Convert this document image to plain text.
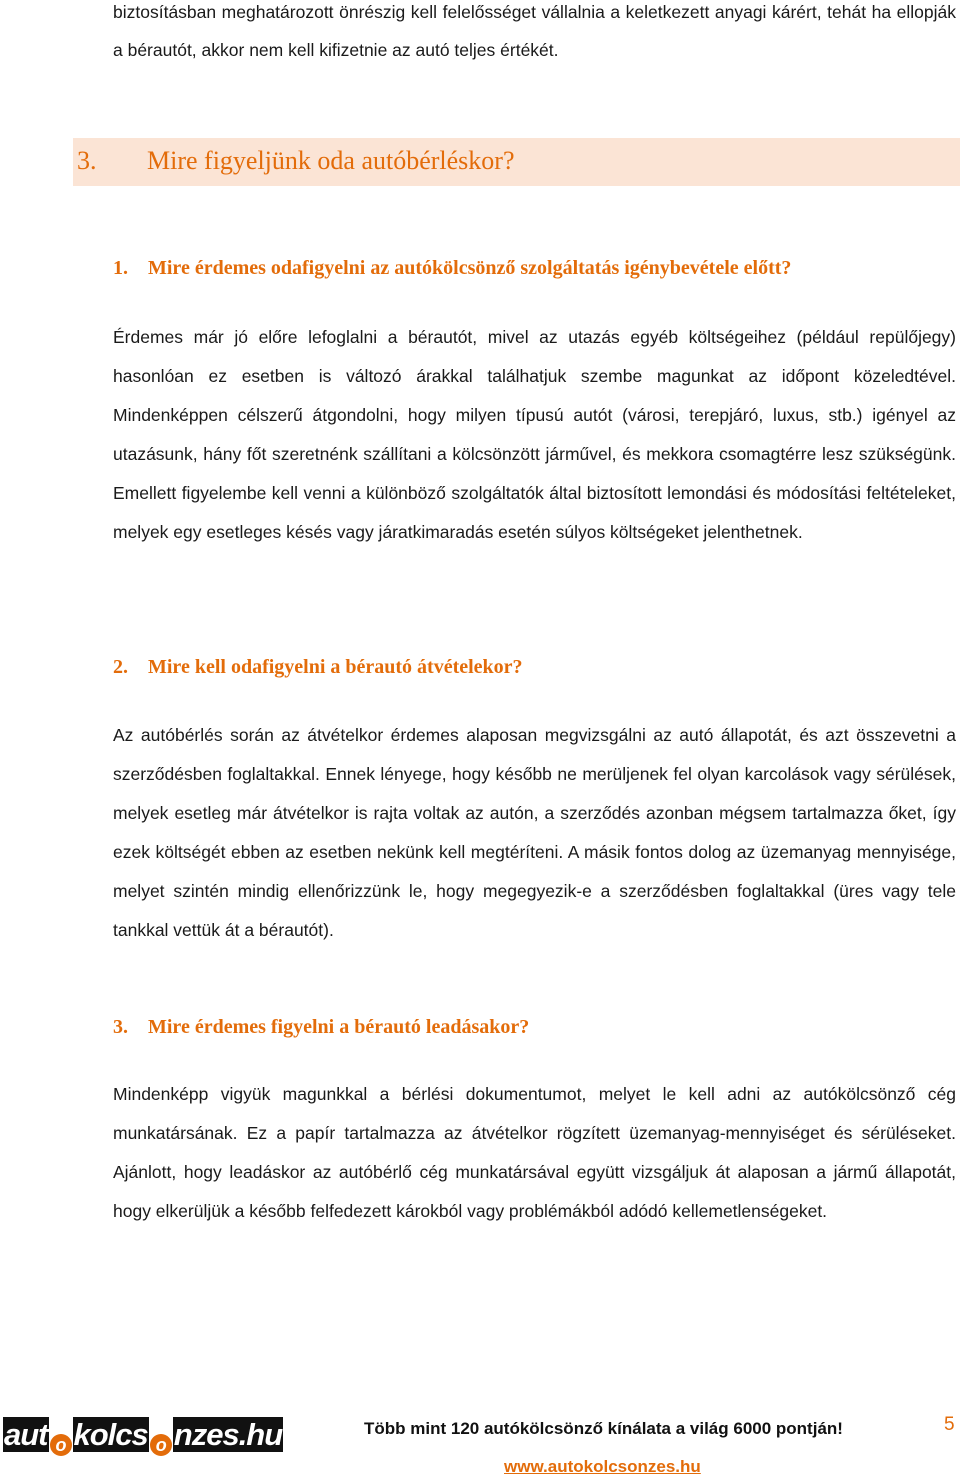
biztosításban meghatározott önrészig kell felelősséget vállalnia a keletkezett anyagi kárért, tehát ha ellopják a bérautót, akkor nem kell kifizetnie az autó teljes értékét.

3. Mire figyeljünk oda autóbérléskor?
1. Mire érdemes odafigyelni az autókölcsönző szolgáltatás igénybevétele előtt?

Érdemes már jó előre lefoglalni a bérautót, mivel az utazás egyéb költségeihez (például repülőjegy) hasonlóan ez esetben is változó árakkal találhatjuk szembe magunkat az időpont közeledtével. Mindenképpen célszerű átgondolni, hogy milyen típusú autót (városi, terepjáró, luxus, stb.) igényel az utazásunk, hány főt szeretnénk szállítani a kölcsönzött járművel, és mekkora csomagtérre lesz szükségünk. Emellett figyelembe kell venni a különböző szolgáltatók által biztosított lemondási és módosítási feltételeket, melyek egy esetleges késés vagy járatkimaradás esetén súlyos költségeket jelenthetnek.

2. Mire kell odafigyelni a bérautó átvételekor?

Az autóbérlés során az átvételkor érdemes alaposan megvizsgálni az autó állapotát, és azt összevetni a szerződésben foglaltakkal. Ennek lényege, hogy később ne merüljenek fel olyan karcolások vagy sérülések, melyek esetleg már átvételkor is rajta voltak az autón, a szerződés azonban mégsem tartalmazza őket, így ezek költségét ebben az esetben nekünk kell megtéríteni. A másik fontos dolog az üzemanyag mennyisége, melyet szintén mindig ellenőrizzünk le, hogy megegyezik-e a szerződésben foglaltakkal (üres vagy tele tankkal vettük át a bérautót).

3. Mire érdemes figyelni a bérautó leadásakor?

Mindenképp vigyük magunkkal a bérlési dokumentumot, melyet le kell adni az autókölcsönző cég munkatársának. Ez a papír tartalmazza az átvételkor rögzített üzemanyag-mennyiséget és sérüléseket. Ajánlott, hogy leadáskor az autóbérlő cég munkatársával együtt vizsgáljuk át alaposan a jármű állapotát, hogy elkerüljük a később felfedezett károkból vagy problémákból adódó kellemetlenségeket.

aut o kolcs o nzes.hu	Több mint 120 autókölcsönző kínálata a világ 6000 pontján!

www.autokolcsonzes.hu

5
